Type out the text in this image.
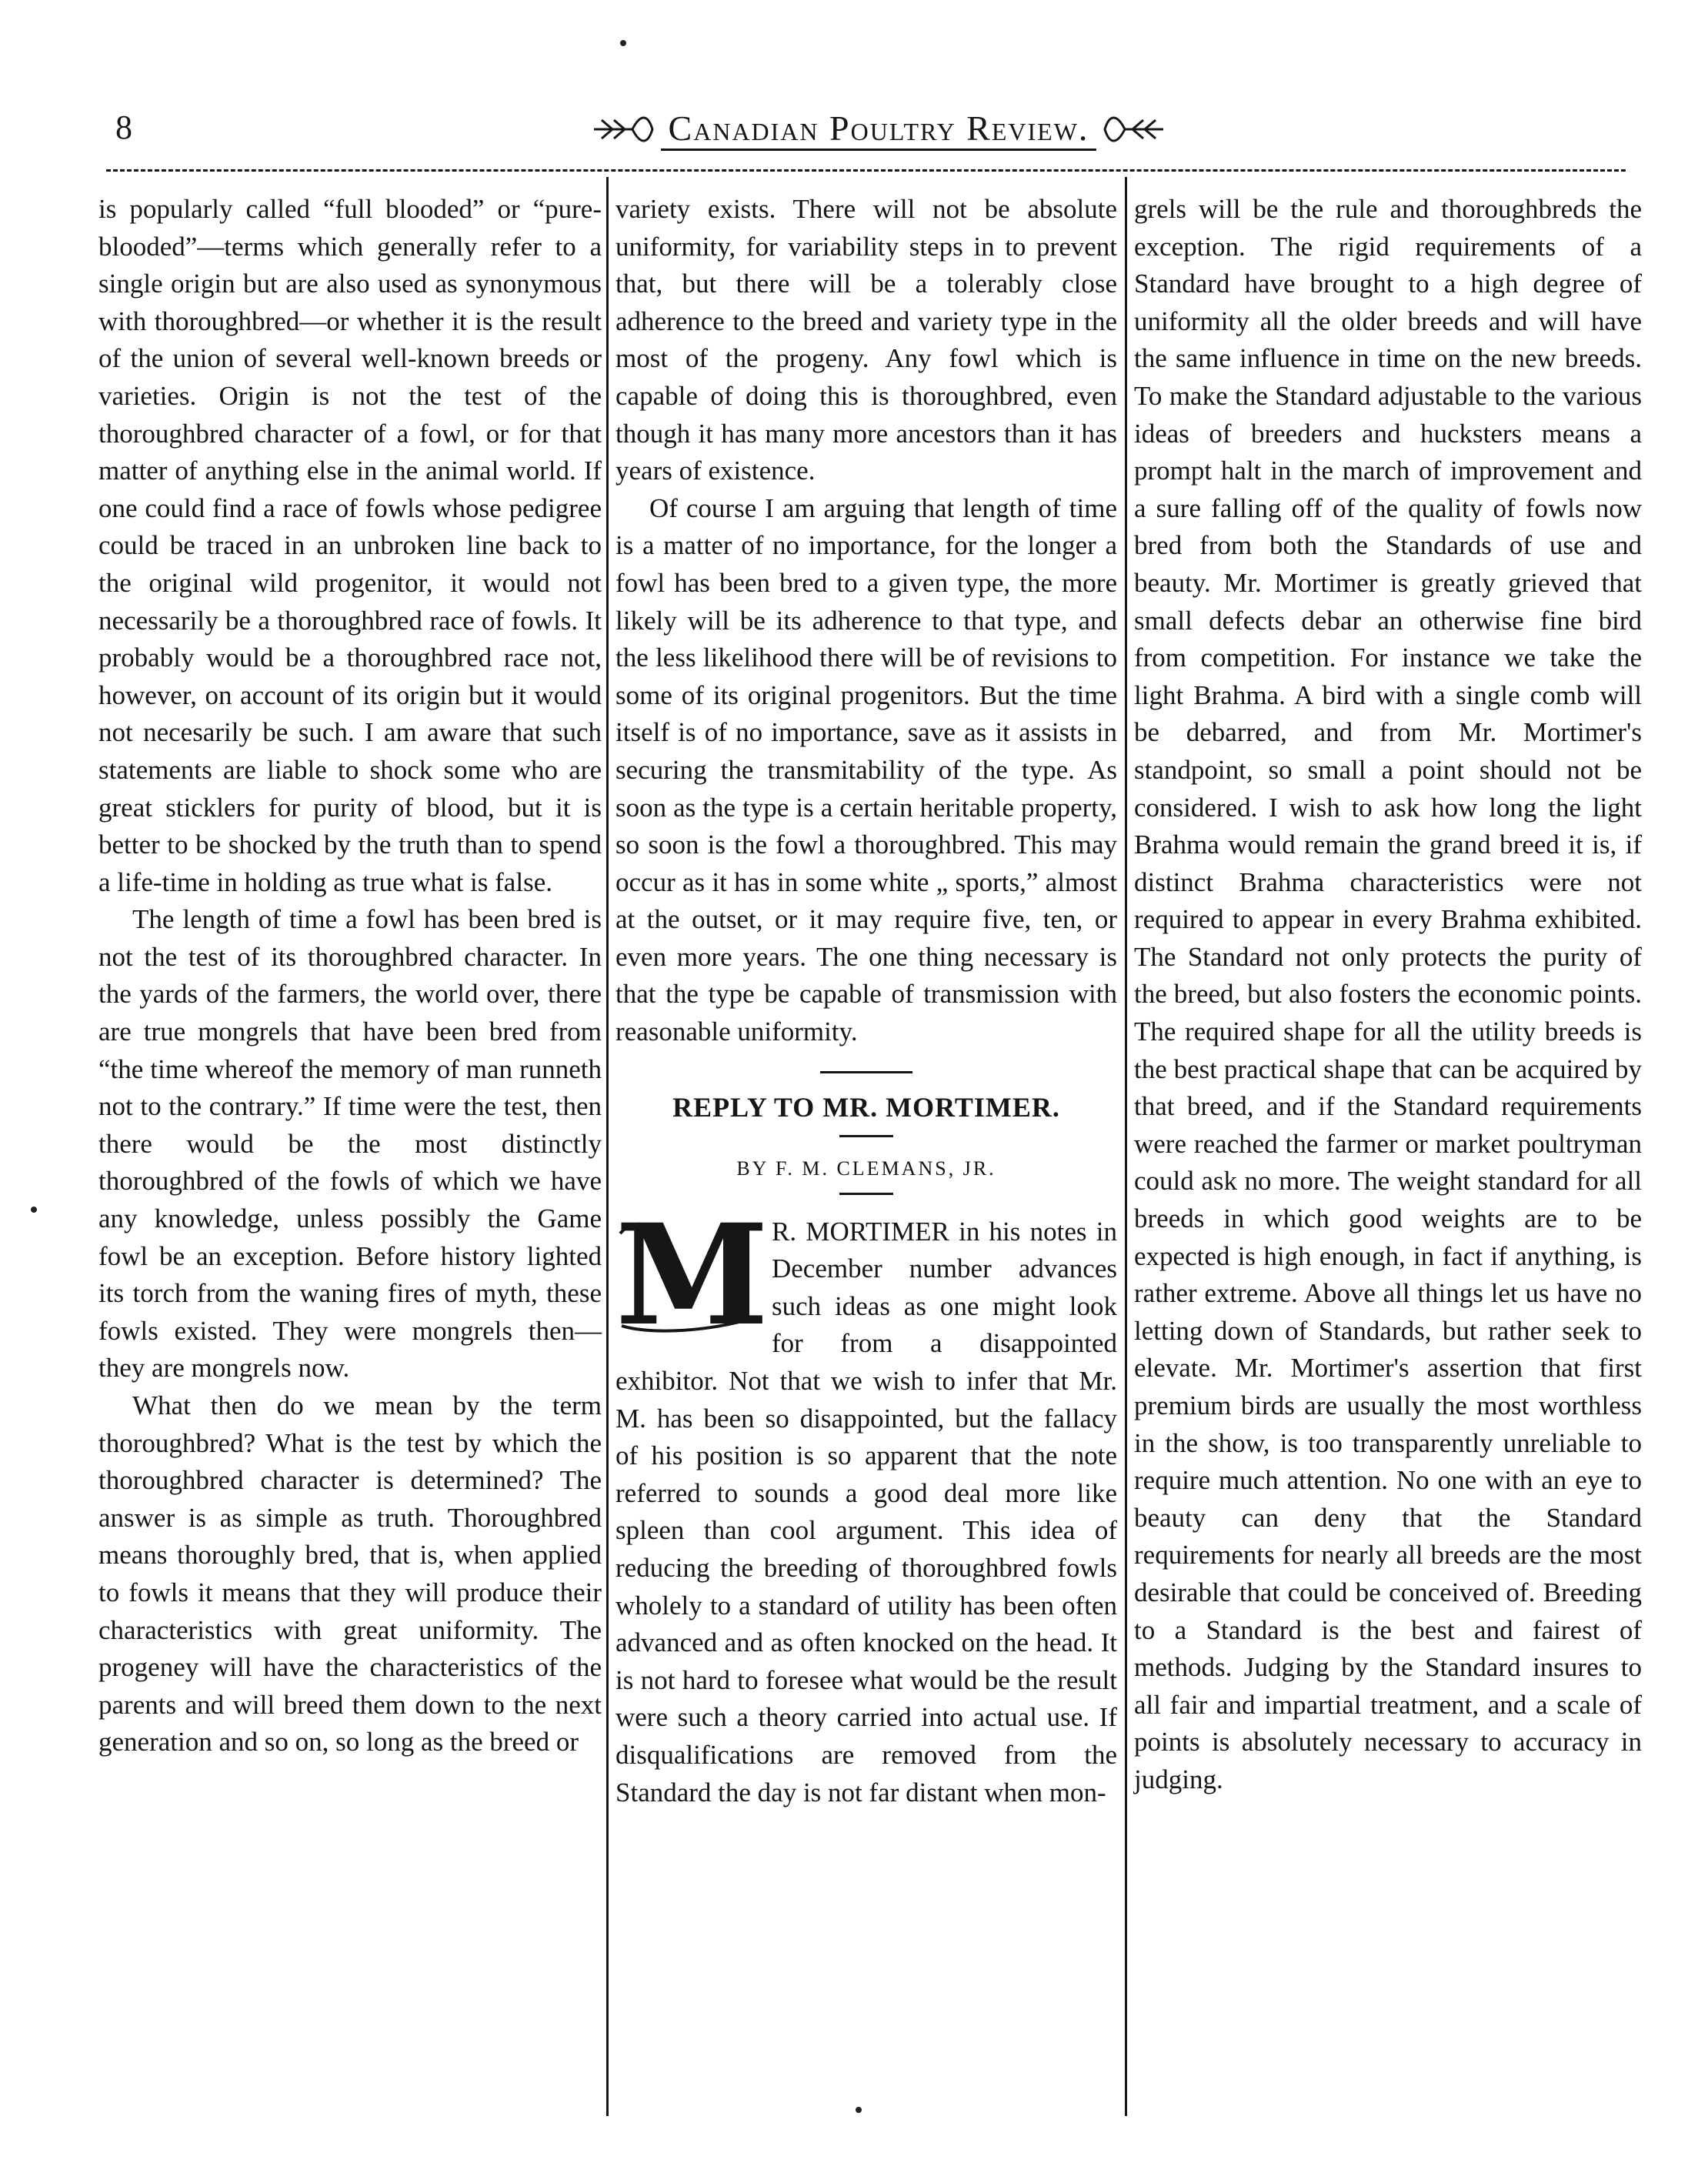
8	Canadian Poultry Review.

is popularly called “full blooded” or “pure-blooded”—terms which generally refer to a single origin but are also used as synonymous with thoroughbred—or whether it is the result of the union of several well-known breeds or varieties. Origin is not the test of the thoroughbred character of a fowl, or for that matter of anything else in the animal world. If one could find a race of fowls whose pedigree could be traced in an unbroken line back to the original wild progenitor, it would not necessarily be a thoroughbred race of fowls. It probably would be a thoroughbred race not, however, on account of its origin but it would not necesarily be such. I am aware that such statements are liable to shock some who are great sticklers for purity of blood, but it is better to be shocked by the truth than to spend a life-time in holding as true what is false.

The length of time a fowl has been bred is not the test of its thoroughbred character. In the yards of the farmers, the world over, there are true mongrels that have been bred from “the time whereof the memory of man runneth not to the contrary.” If time were the test, then there would be the most distinctly thoroughbred of the fowls of which we have any knowledge, unless possibly the Game fowl be an exception. Before history lighted its torch from the waning fires of myth, these fowls existed. They were mongrels then—they are mongrels now.

What then do we mean by the term thoroughbred? What is the test by which the thoroughbred character is determined? The answer is as simple as truth. Thoroughbred means thoroughly bred, that is, when applied to fowls it means that they will produce their characteristics with great uniformity. The progeney will have the characteristics of the parents and will breed them down to the next generation and so on, so long as the breed or

variety exists. There will not be absolute uniformity, for variability steps in to prevent that, but there will be a tolerably close adherence to the breed and variety type in the most of the progeny. Any fowl which is capable of doing this is thoroughbred, even though it has many more ancestors than it has years of existence.

Of course I am arguing that length of time is a matter of no importance, for the longer a fowl has been bred to a given type, the more likely will be its adherence to that type, and the less likelihood there will be of revisions to some of its original progenitors. But the time itself is of no importance, save as it assists in securing the transmitability of the type. As soon as the type is a certain heritable property, so soon is the fowl a thoroughbred. This may occur as it has in some white „ sports,” almost at the outset, or it may require five, ten, or even more years. The one thing necessary is that the type be capable of transmission with reasonable uniformity.

REPLY TO MR. MORTIMER.
BY F. M. CLEMANS, JR.

M R. MORTIMER in his notes in December number advances such ideas as one might look for from a disappointed exhibitor. Not that we wish to infer that Mr. M. has been so disappointed, but the fallacy of his position is so apparent that the note referred to sounds a good deal more like spleen than cool argument. This idea of reducing the breeding of thoroughbred fowls wholely to a standard of utility has been often advanced and as often knocked on the head. It is not hard to foresee what would be the result were such a theory carried into actual use. If disqualifications are removed from the Standard the day is not far distant when mon-

grels will be the rule and thoroughbreds the exception. The rigid requirements of a Standard have brought to a high degree of uniformity all the older breeds and will have the same influence in time on the new breeds. To make the Standard adjustable to the various ideas of breeders and hucksters means a prompt halt in the march of improvement and a sure falling off of the quality of fowls now bred from both the Standards of use and beauty. Mr. Mortimer is greatly grieved that small defects debar an otherwise fine bird from competition. For instance we take the light Brahma. A bird with a single comb will be debarred, and from Mr. Mortimer's standpoint, so small a point should not be considered. I wish to ask how long the light Brahma would remain the grand breed it is, if distinct Brahma characteristics were not required to appear in every Brahma exhibited. The Standard not only protects the purity of the breed, but also fosters the economic points. The required shape for all the utility breeds is the best practical shape that can be acquired by that breed, and if the Standard requirements were reached the farmer or market poultryman could ask no more. The weight standard for all breeds in which good weights are to be expected is high enough, in fact if anything, is rather extreme. Above all things let us have no letting down of Standards, but rather seek to elevate. Mr. Mortimer's assertion that first premium birds are usually the most worthless in the show, is too transparently unreliable to require much attention. No one with an eye to beauty can deny that the Standard requirements for nearly all breeds are the most desirable that could be conceived of. Breeding to a Standard is the best and fairest of methods. Judging by the Standard insures to all fair and impartial treatment, and a scale of points is absolutely necessary to accuracy in judging.
